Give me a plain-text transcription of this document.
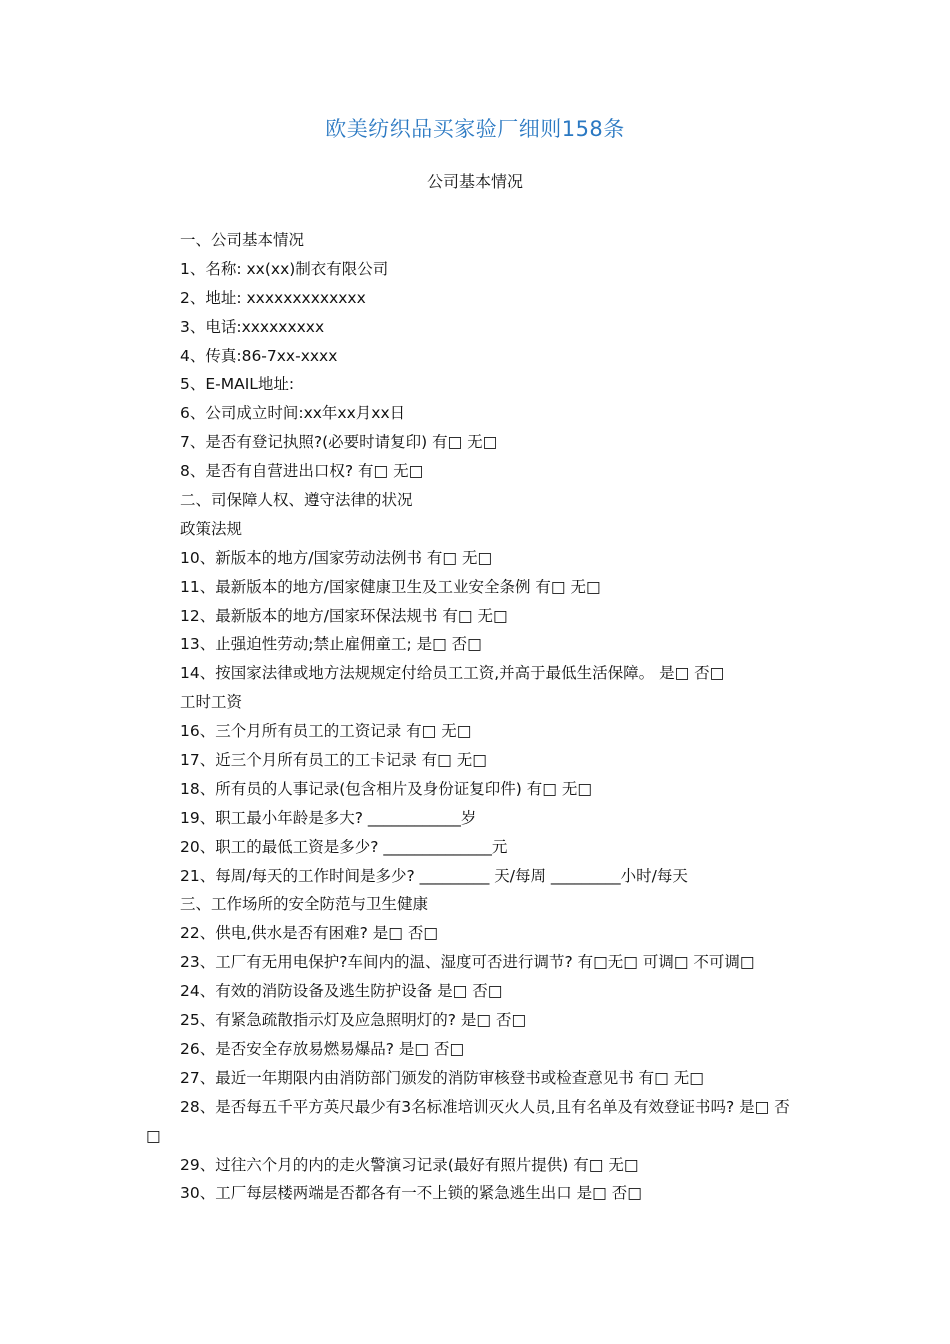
欧美纺织品买家验厂细则158条
公司基本情况
一、公司基本情况
1、名称: xx(xx)制衣有限公司
2、地址: xxxxxxxxxxxxx
3、电话:xxxxxxxxx
4、传真:86-7xx-xxxx
5、E-MAIL地址:
6、公司成立时间:xx年xx月xx日
7、是否有登记执照?(必要时请复印) 有□ 无□
8、是否有自营进出口权? 有□ 无□
二、司保障人权、遵守法律的状况
政策法规
10、新版本的地方/国家劳动法例书 有□ 无□
11、最新版本的地方/国家健康卫生及工业安全条例 有□ 无□
12、最新版本的地方/国家环保法规书 有□ 无□
13、止强迫性劳动;禁止雇佣童工; 是□ 否□
14、按国家法律或地方法规规定付给员工工资,并高于最低生活保障。 是□ 否□
工时工资
16、三个月所有员工的工资记录 有□ 无□
17、近三个月所有员工的工卡记录 有□ 无□
18、所有员的人事记录(包含相片及身份证复印件) 有□ 无□
19、职工最小年龄是多大? ____________岁
20、职工的最低工资是多少? ______________元
21、每周/每天的工作时间是多少? _________ 天/每周 _________小时/每天
三、工作场所的安全防范与卫生健康
22、供电,供水是否有困难? 是□ 否□
23、工厂有无用电保护?车间内的温、湿度可否进行调节? 有□无□ 可调□ 不可调□
24、有效的消防设备及逃生防护设备 是□ 否□
25、有紧急疏散指示灯及应急照明灯的? 是□ 否□
26、是否安全存放易燃易爆品? 是□ 否□
27、最近一年期限内由消防部门颁发的消防审核登书或检查意见书 有□ 无□
28、是否每五千平方英尺最少有3名标准培训灭火人员,且有名单及有效登证书吗? 是□ 否
□
29、过往六个月的内的走火警演习记录(最好有照片提供) 有□ 无□
30、工厂每层楼两端是否都各有一不上锁的紧急逃生出口 是□ 否□
